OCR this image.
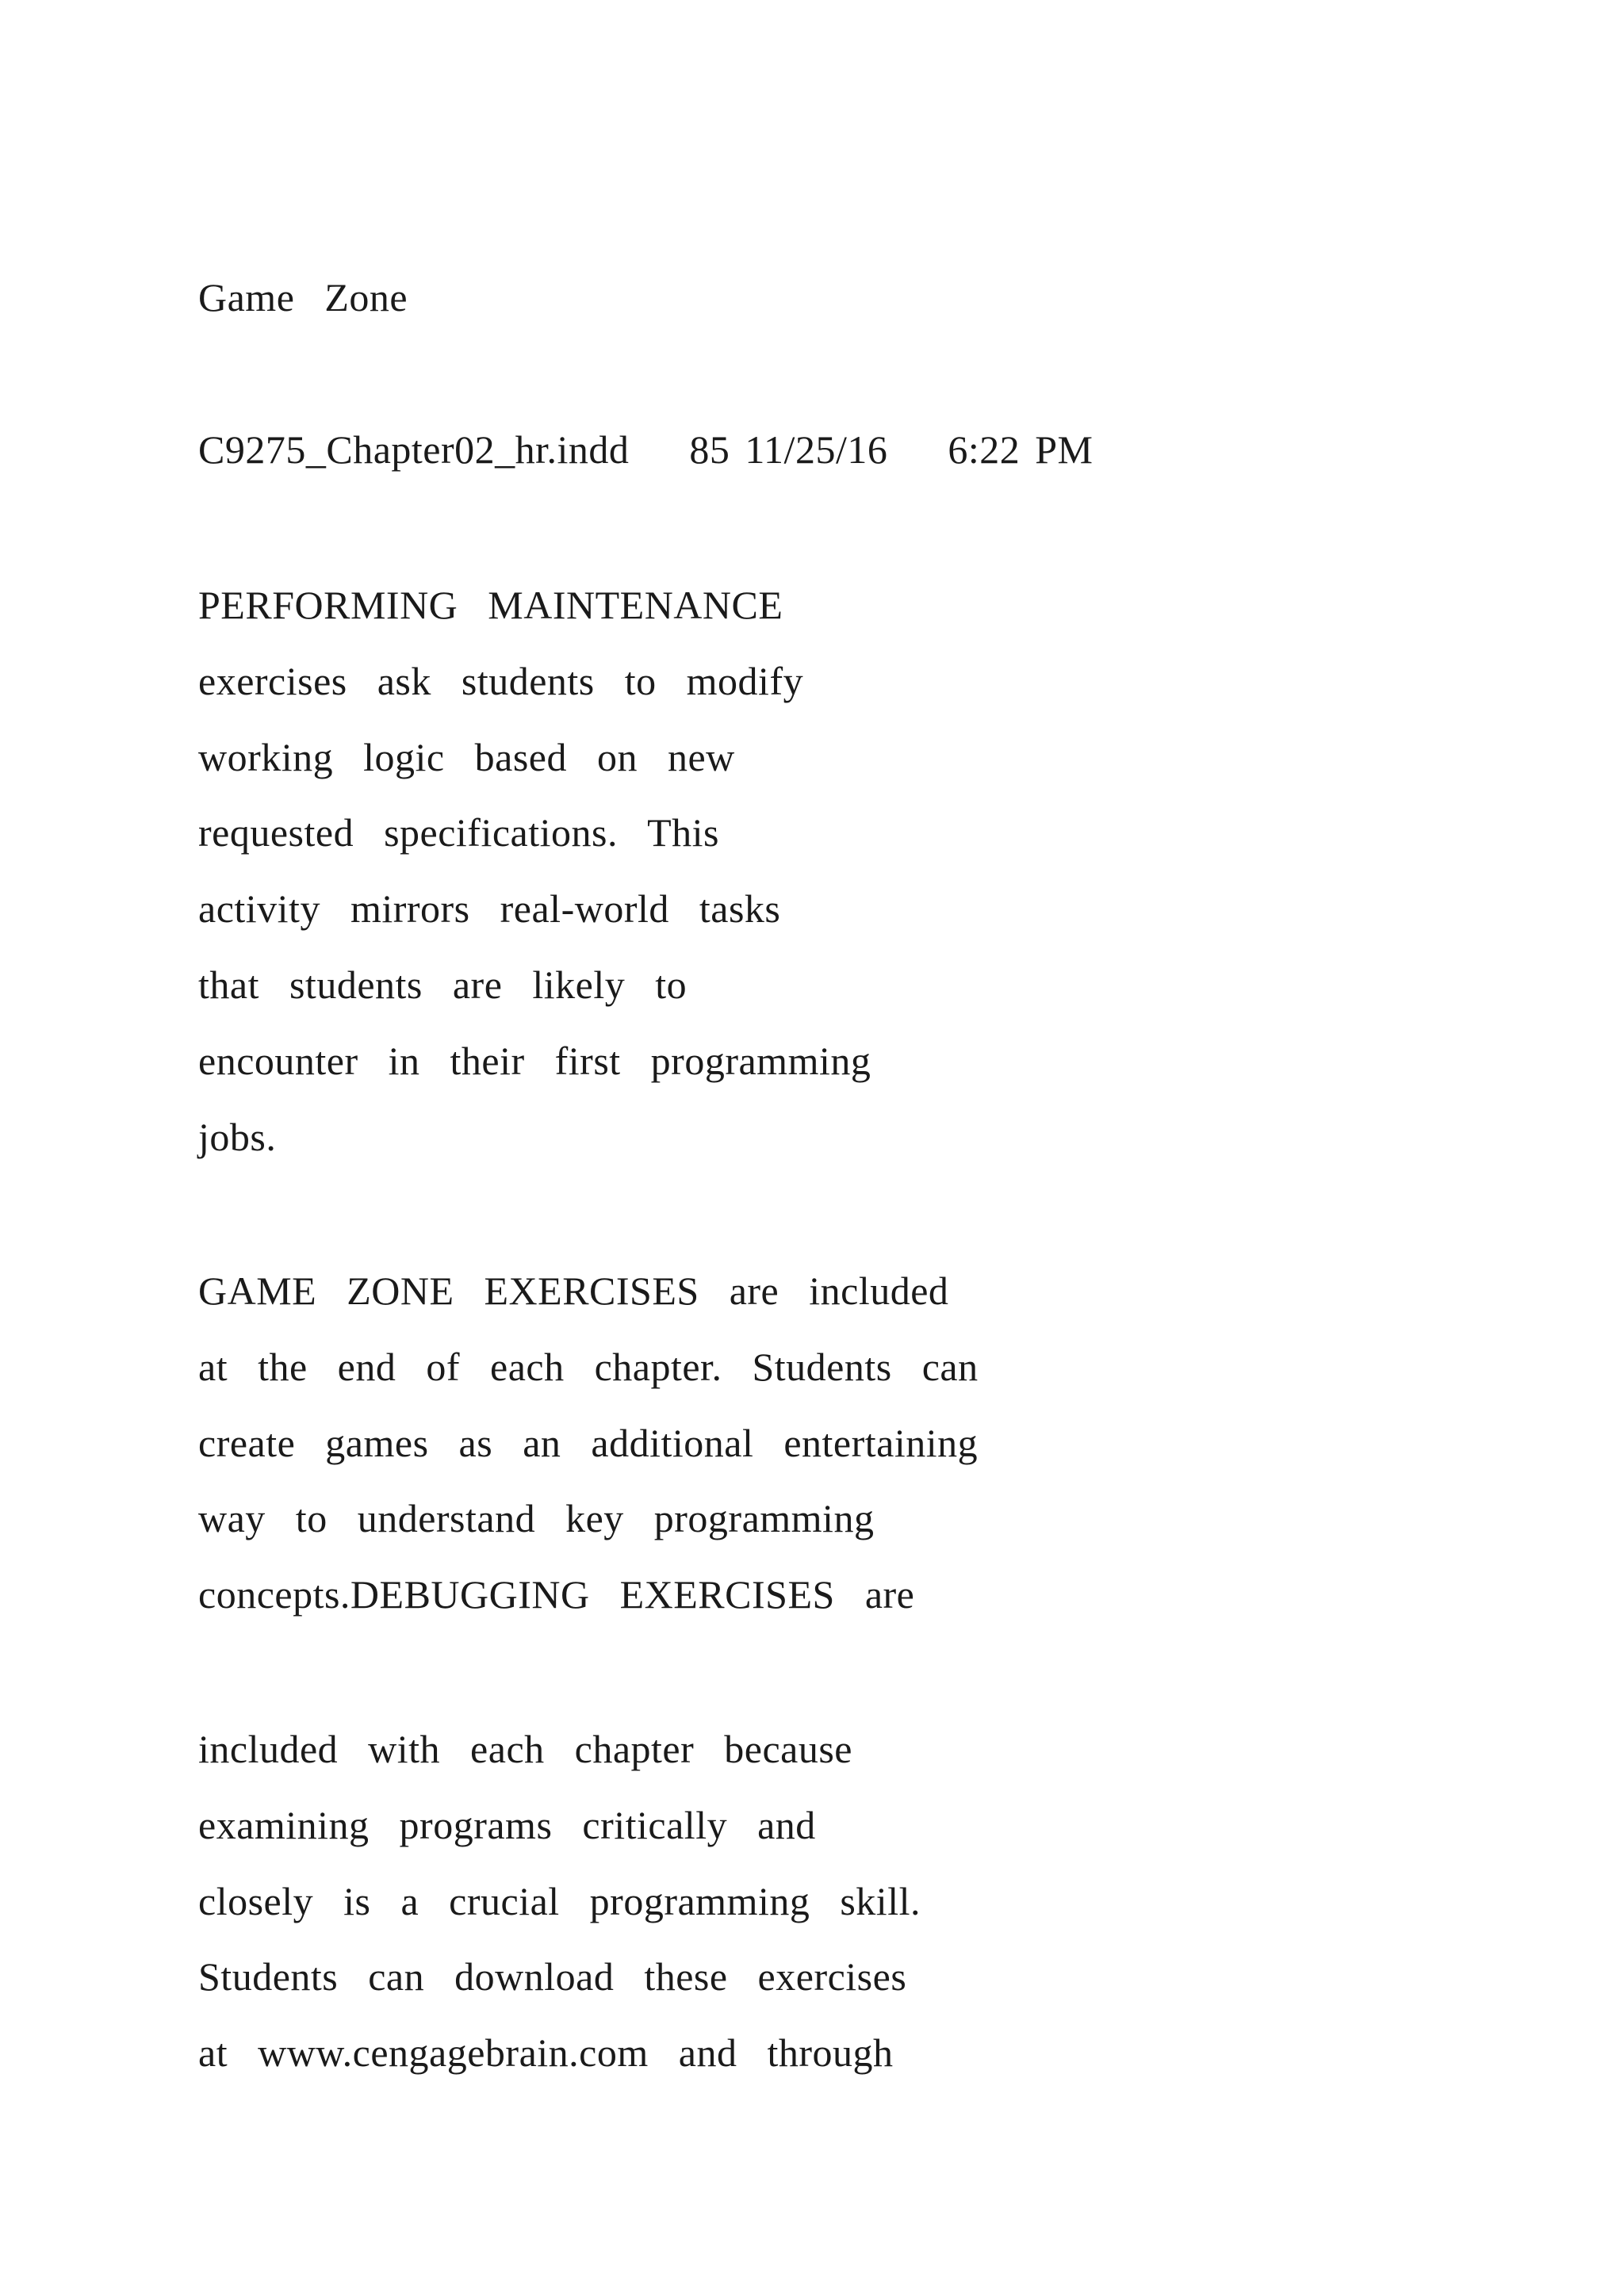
Game  Zone
C9275_Chapter02_hr.indd    85 11/25/16    6:22 PM
PERFORMING  MAINTENANCE
exercises  ask  students  to  modify
working  logic  based  on  new
requested  specifications.  This
activity  mirrors  real-world  tasks
that  students  are  likely  to
encounter  in  their  first  programming
jobs.
GAME  ZONE  EXERCISES  are  included
at  the  end  of  each  chapter.  Students  can
create  games  as  an  additional  entertaining
way  to  understand  key  programming
concepts.DEBUGGING  EXERCISES  are
included  with  each  chapter  because
examining  programs  critically  and
closely  is  a  crucial  programming  skill.
Students  can  download  these  exercises
at  www.cengagebrain.com  and  through
